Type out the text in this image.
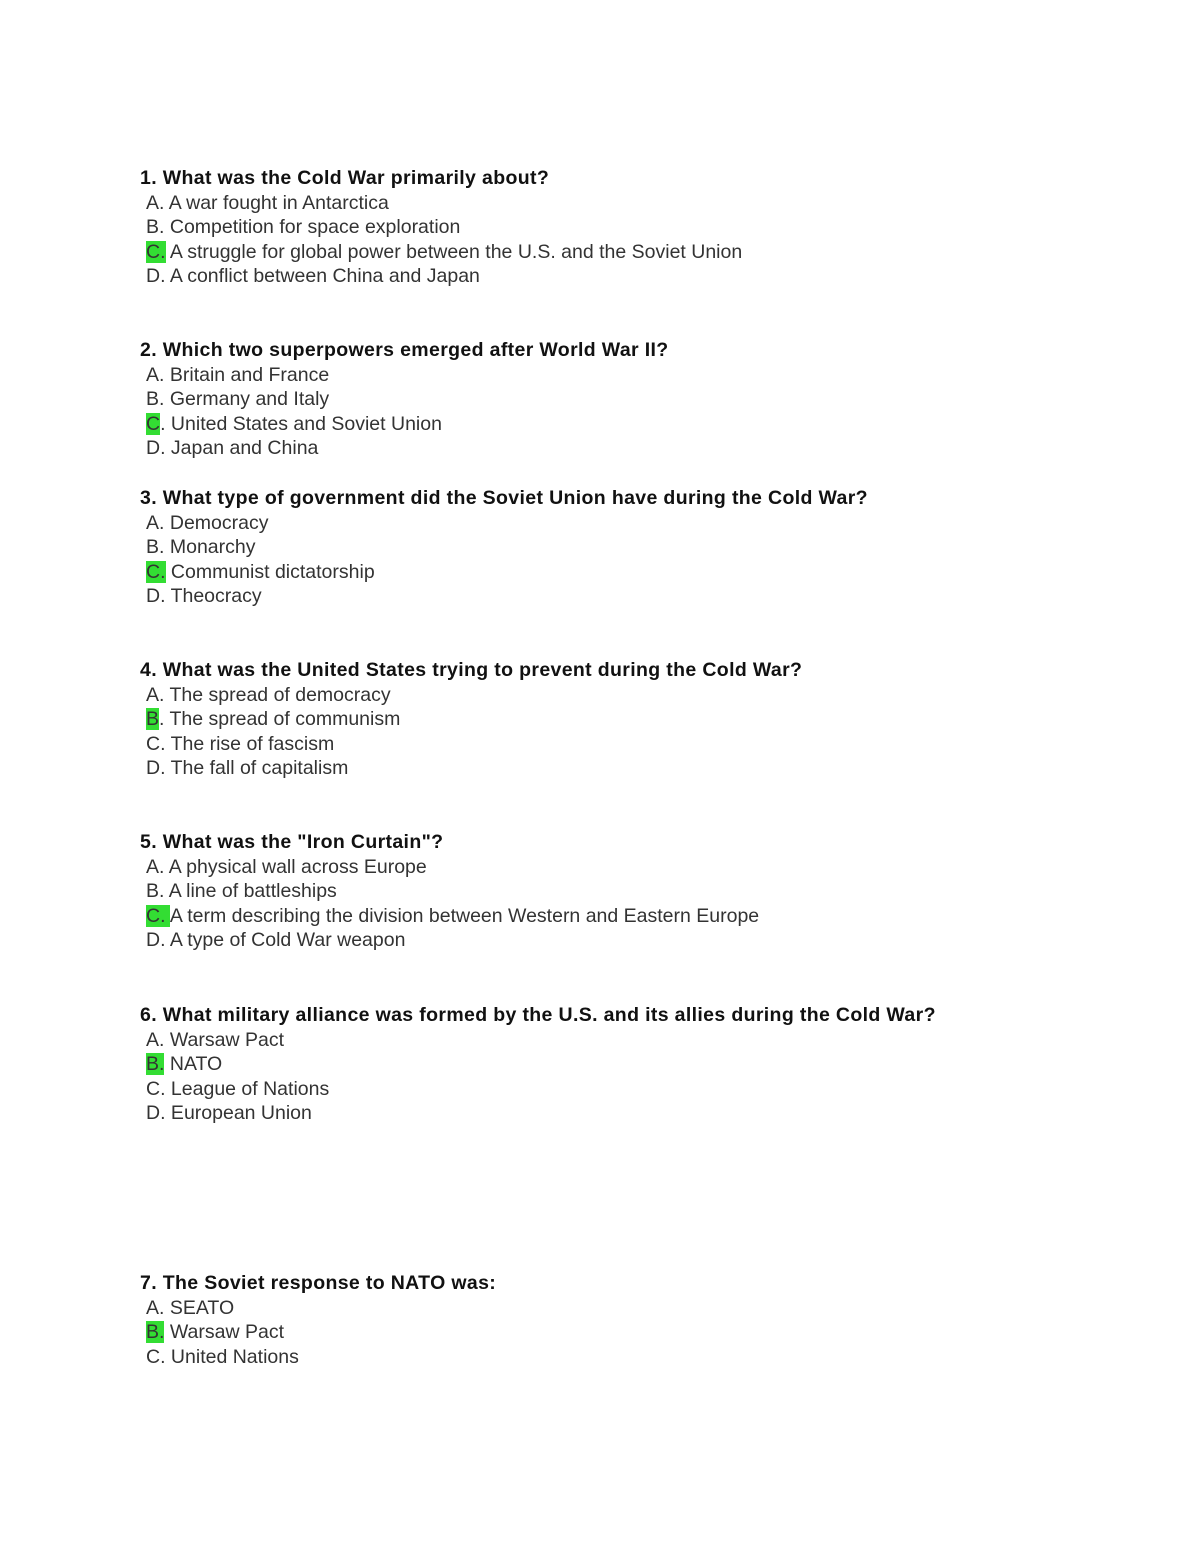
1. What was the Cold War primarily about?
A. A war fought in Antarctica
B. Competition for space exploration
C. A struggle for global power between the U.S. and the Soviet Union
D. A conflict between China and Japan
2. Which two superpowers emerged after World War II?
A. Britain and France
B. Germany and Italy
C. United States and Soviet Union
D. Japan and China
3. What type of government did the Soviet Union have during the Cold War?
A. Democracy
B. Monarchy
C. Communist dictatorship
D. Theocracy
4. What was the United States trying to prevent during the Cold War?
A. The spread of democracy
B. The spread of communism
C. The rise of fascism
D. The fall of capitalism
5. What was the "Iron Curtain"?
A. A physical wall across Europe
B. A line of battleships
C. A term describing the division between Western and Eastern Europe
D. A type of Cold War weapon
6. What military alliance was formed by the U.S. and its allies during the Cold War?
A. Warsaw Pact
B. NATO
C. League of Nations
D. European Union
7. The Soviet response to NATO was:
A. SEATO
B. Warsaw Pact
C. United Nations
